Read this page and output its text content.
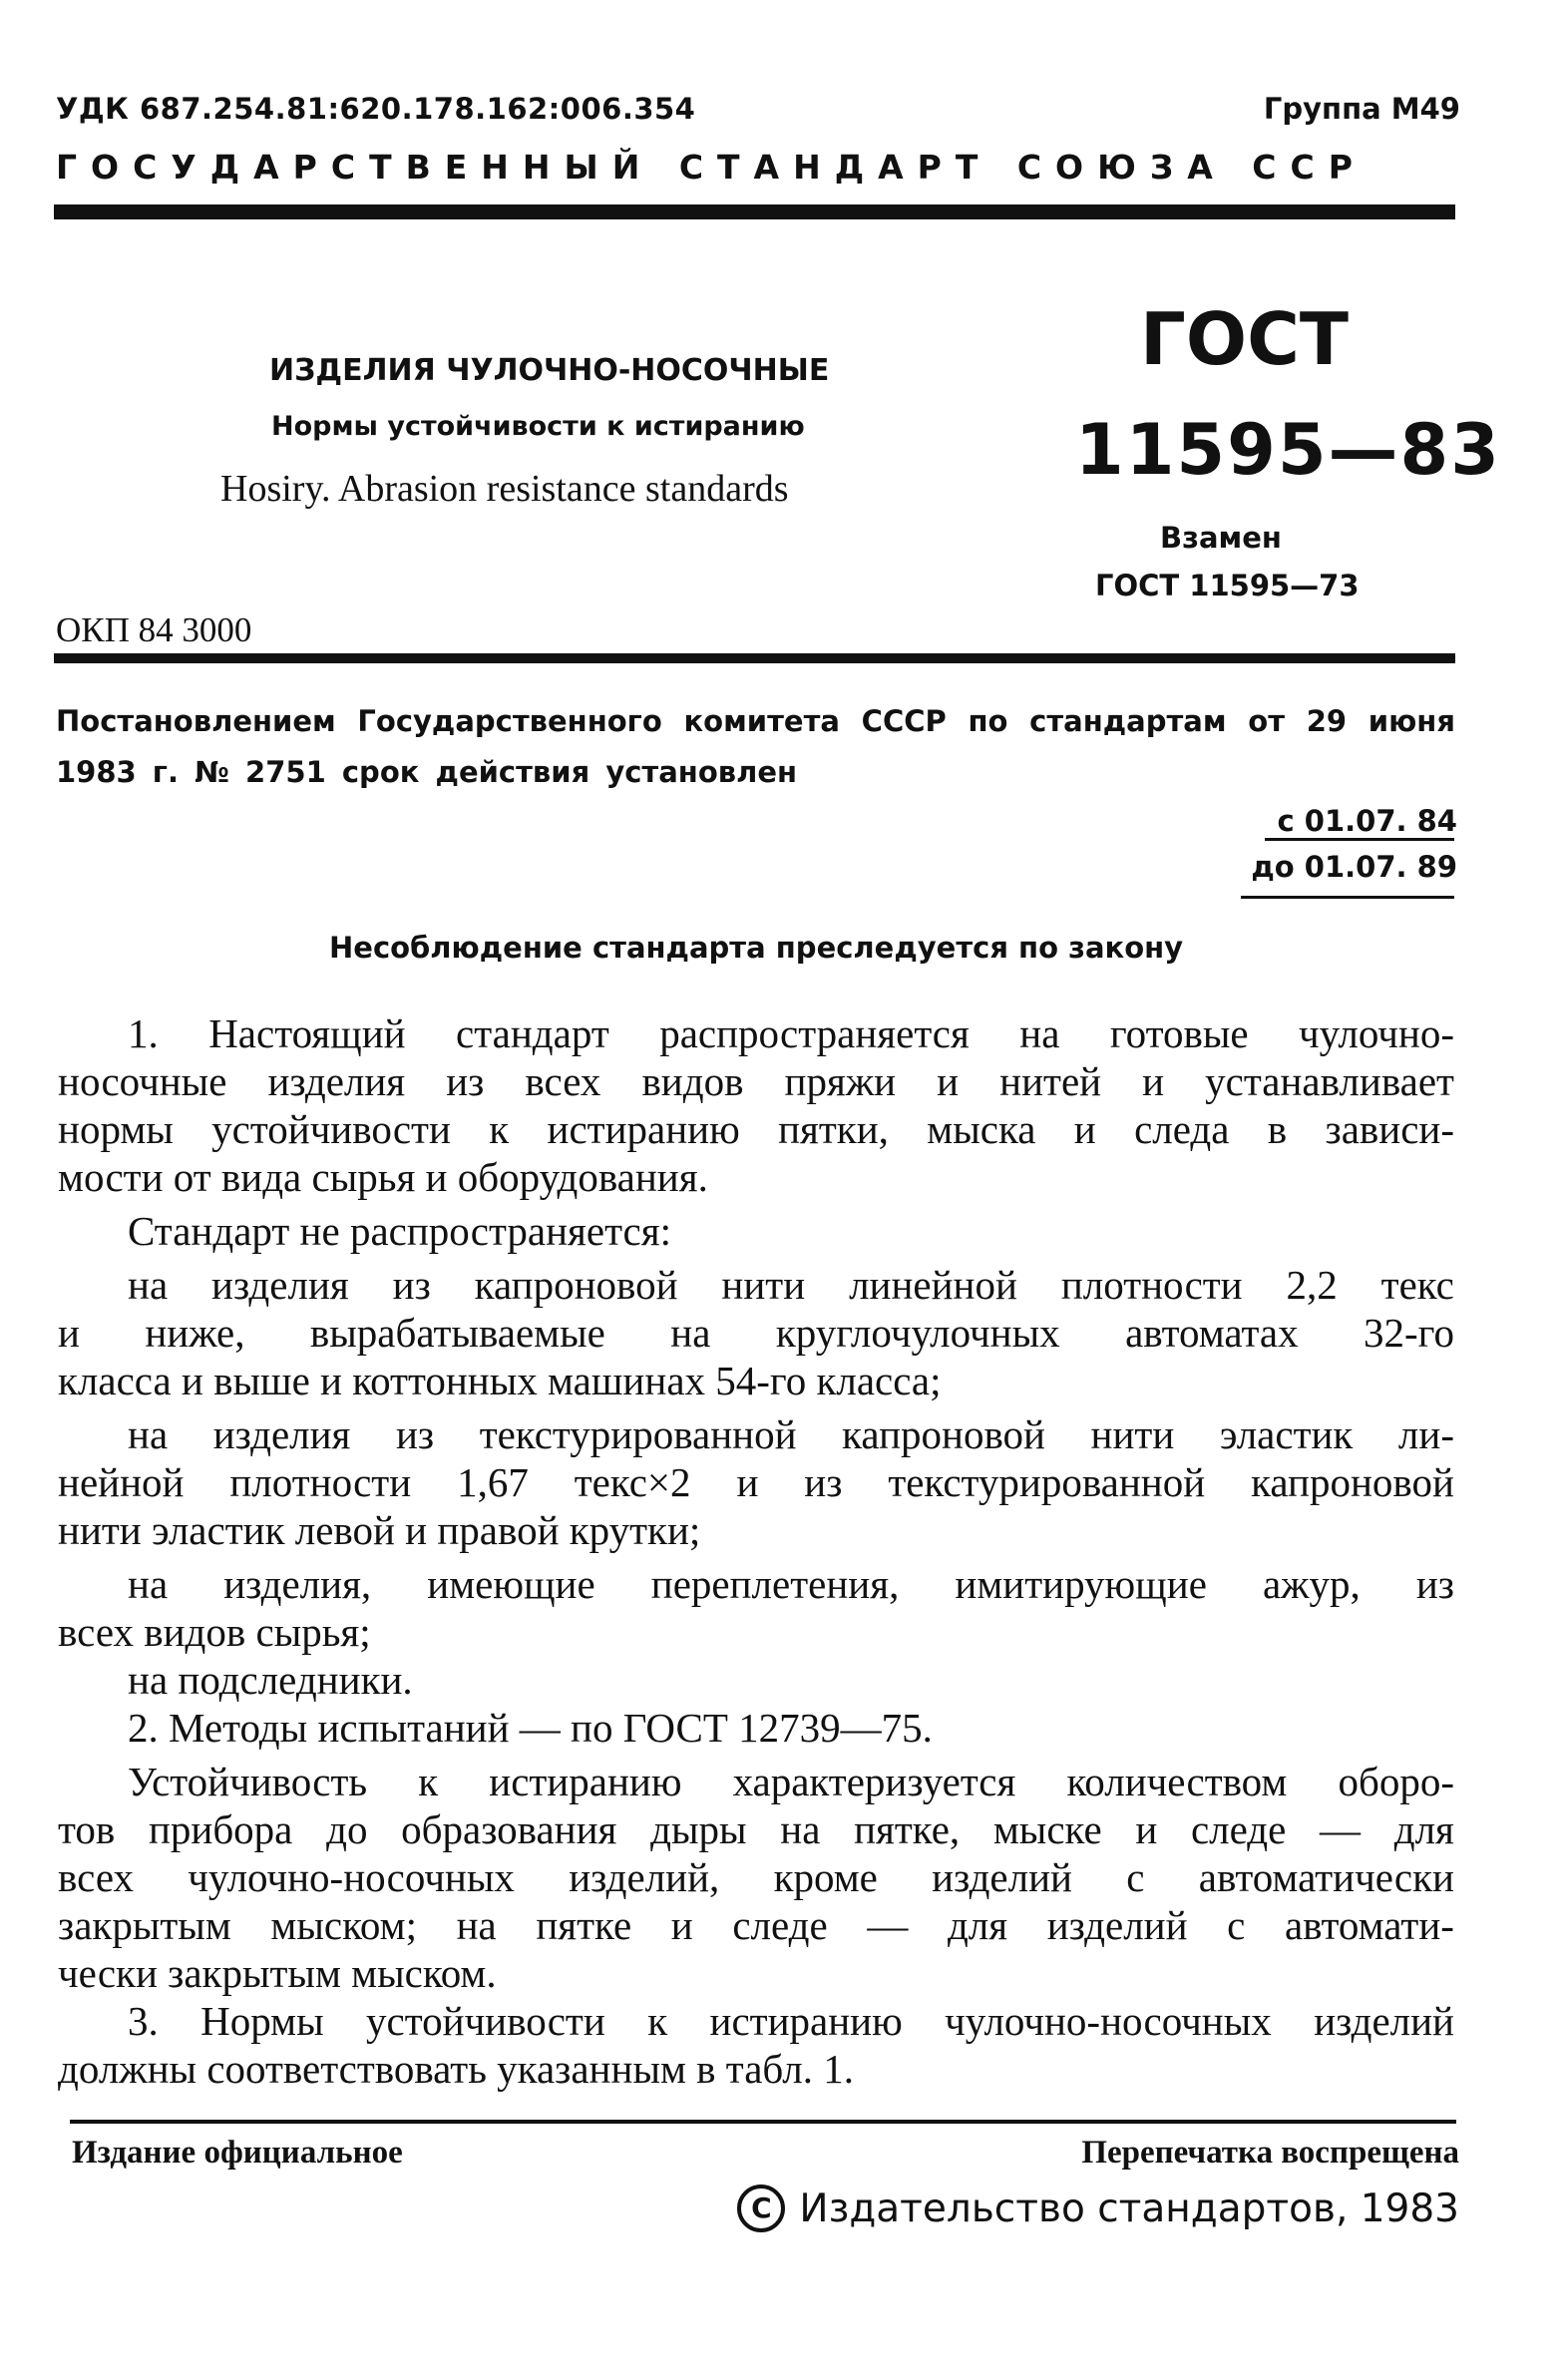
УДК 687.254.81:620.178.162:006.354	Группа М49
ГОСУДАРСТВЕННЫЙ СТАНДАРТ СОЮЗА ССР
ИЗДЕЛИЯ ЧУЛОЧНО-НОСОЧНЫЕ
Нормы устойчивости к истиранию
Hosiry. Abrasion resistance standards
ГОСТ
11595—83
Взамен
ГОСТ 11595—73
ОКП 84 3000
Постановлением Государственного комитета СССР по стандартам от 29 июня
1983 г. № 2751 срок действия установлен
с 01.07. 84
до 01.07. 89
Несоблюдение стандарта преследуется по закону
1. Настоящий стандарт распространяется на готовые чулочно-
носочные изделия из всех видов пряжи и нитей и устанавливает
нормы устойчивости к истиранию пятки, мыска и следа в зависи-
мости от вида сырья и оборудования.
Стандарт не распространяется:
на изделия из капроновой нити линейной плотности 2,2 текс
и ниже, вырабатываемые на круглочулочных автоматах 32-го
класса и выше и коттонных машинах 54-го класса;
на изделия из текстурированной капроновой нити эластик ли-
нейной плотности 1,67 текс×2 и из текстурированной капроновой
нити эластик левой и правой крутки;
на изделия, имеющие переплетения, имитирующие ажур, из
всех видов сырья;
на подследники.
2. Методы испытаний — по ГОСТ 12739—75.
Устойчивость к истиранию характеризуется количеством оборо-
тов прибора до образования дыры на пятке, мыске и следе — для
всех чулочно-носочных изделий, кроме изделий с автоматически
закрытым мыском; на пятке и следе — для изделий с автомати-
чески закрытым мыском.
3. Нормы устойчивости к истиранию чулочно-носочных изделий
должны соответствовать указанным в табл. 1.
Издание официальное	Перепечатка воспрещена
C Издательство стандартов, 1983
